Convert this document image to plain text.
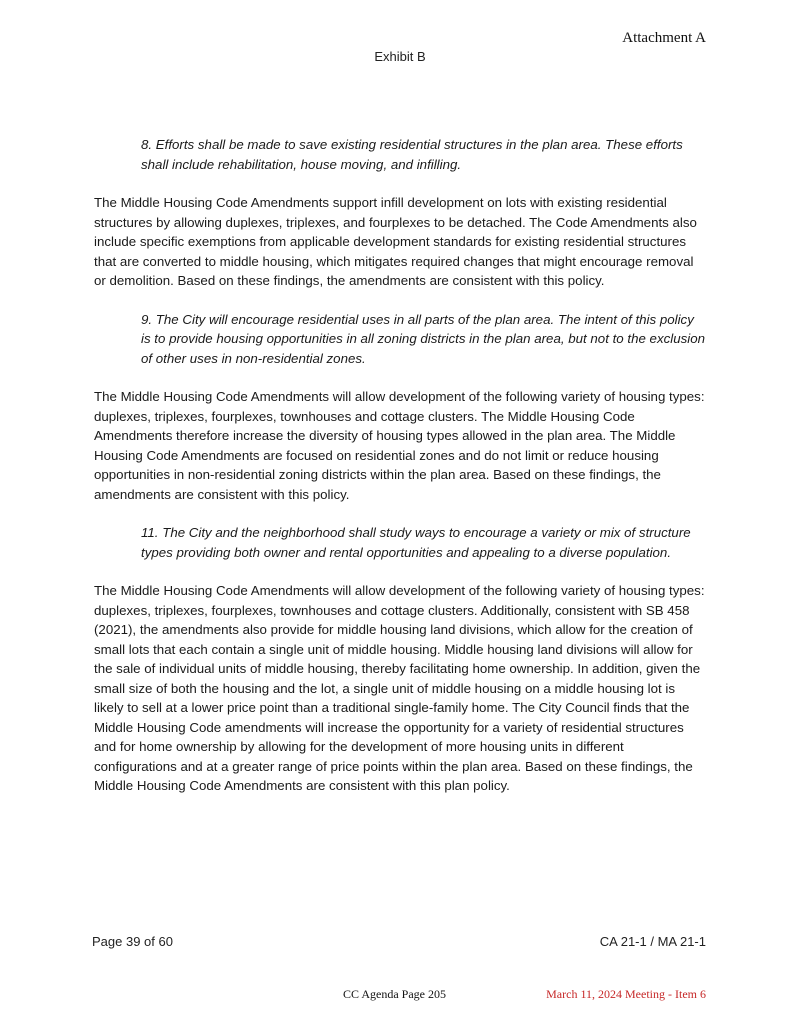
Attachment A
Exhibit B

8. Efforts shall be made to save existing residential structures in the plan area. These efforts shall include rehabilitation, house moving, and infilling.

The Middle Housing Code Amendments support infill development on lots with existing residential structures by allowing duplexes, triplexes, and fourplexes to be detached. The Code Amendments also include specific exemptions from applicable development standards for existing residential structures that are converted to middle housing, which mitigates required changes that might encourage removal or demolition. Based on these findings, the amendments are consistent with this policy.

9. The City will encourage residential uses in all parts of the plan area. The intent of this policy is to provide housing opportunities in all zoning districts in the plan area, but not to the exclusion of other uses in non-residential zones.

The Middle Housing Code Amendments will allow development of the following variety of housing types: duplexes, triplexes, fourplexes, townhouses and cottage clusters. The Middle Housing Code Amendments therefore increase the diversity of housing types allowed in the plan area. The Middle Housing Code Amendments are focused on residential zones and do not limit or reduce housing opportunities in non-residential zoning districts within the plan area. Based on these findings, the amendments are consistent with this policy.

11. The City and the neighborhood shall study ways to encourage a variety or mix of structure types providing both owner and rental opportunities and appealing to a diverse population.

The Middle Housing Code Amendments will allow development of the following variety of housing types: duplexes, triplexes, fourplexes, townhouses and cottage clusters. Additionally, consistent with SB 458 (2021), the amendments also provide for middle housing land divisions, which allow for the creation of small lots that each contain a single unit of middle housing. Middle housing land divisions will allow for the sale of individual units of middle housing, thereby facilitating home ownership. In addition, given the small size of both the housing and the lot, a single unit of middle housing on a middle housing lot is likely to sell at a lower price point than a traditional single-family home. The City Council finds that the Middle Housing Code amendments will increase the opportunity for a variety of residential structures and for home ownership by allowing for the development of more housing units in different configurations and at a greater range of price points within the plan area. Based on these findings, the Middle Housing Code Amendments are consistent with this plan policy.

Page 39 of 60	CA 21-1 / MA 21-1
CC Agenda Page 205	March 11, 2024 Meeting - Item 6
